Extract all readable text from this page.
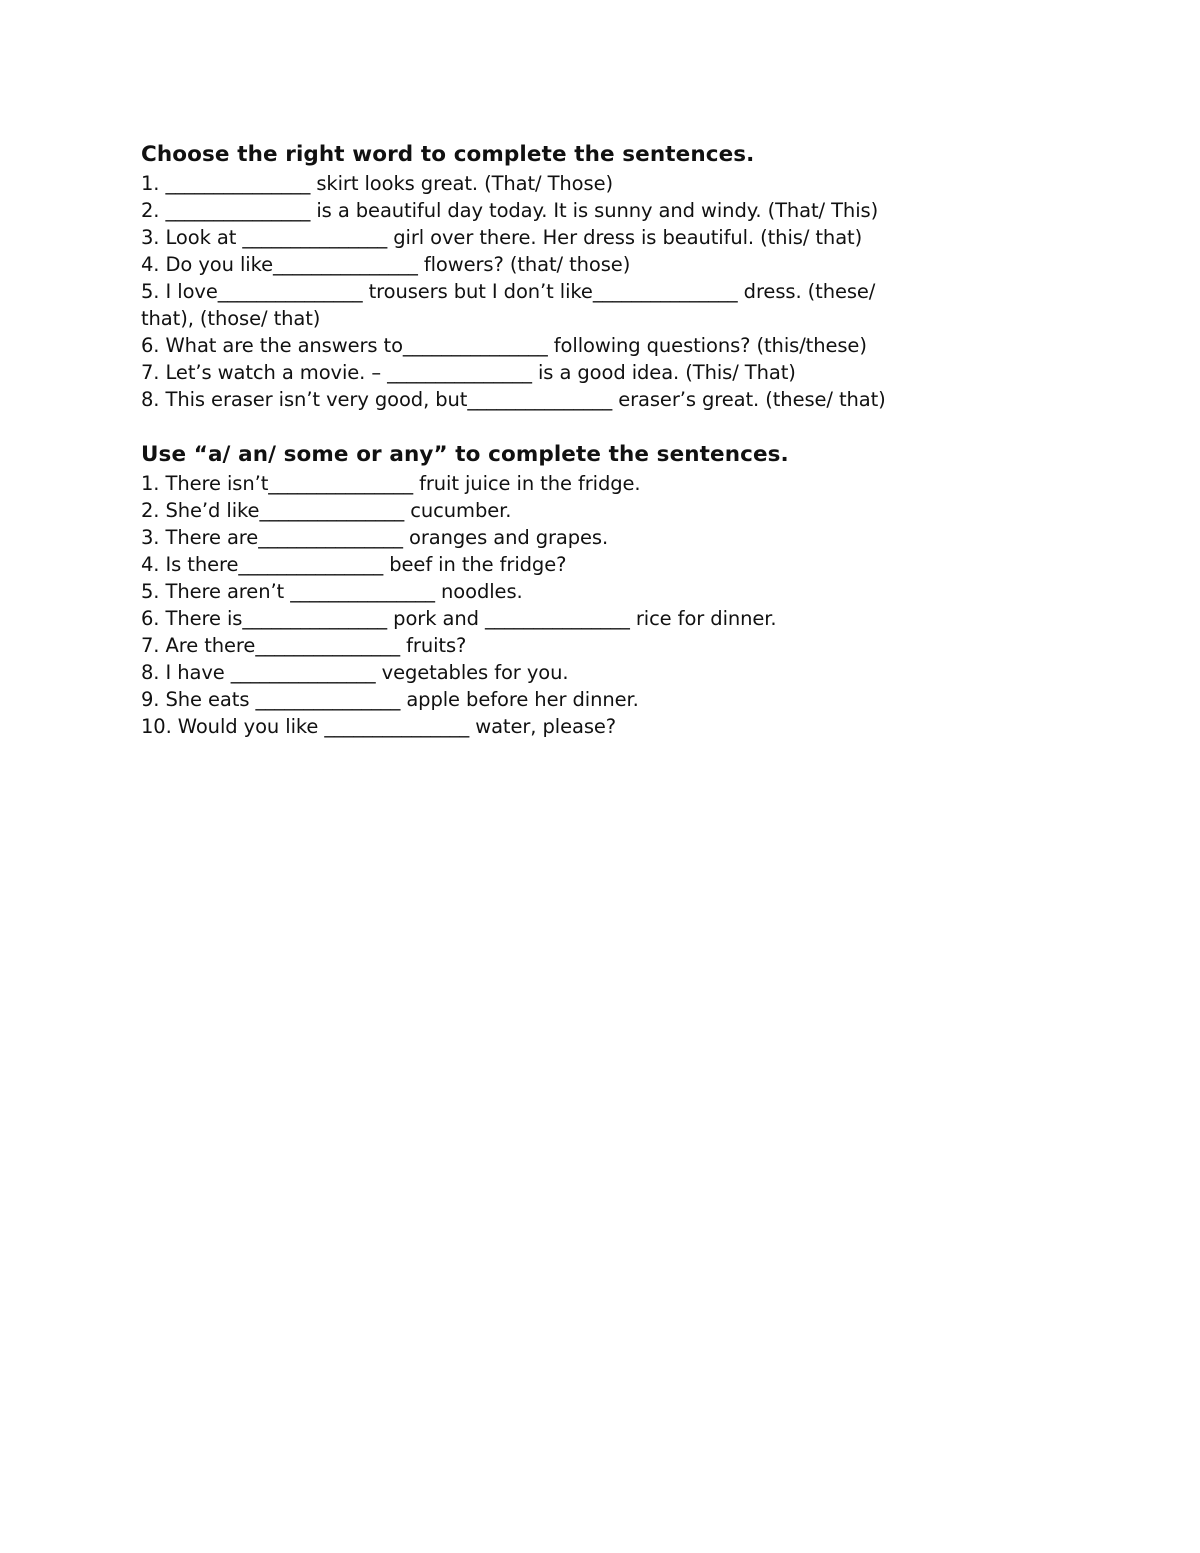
Choose the right word to complete the sentences.

1. _______________ skirt looks great. (That/ Those)

2. _______________ is a beautiful day today. It is sunny and windy. (That/ This)

3. Look at _______________ girl over there. Her dress is beautiful. (this/ that)

4. Do you like_______________ flowers? (that/ those)

5. I love_______________ trousers but I don’t like_______________ dress. (these/

that), (those/ that)

6. What are the answers to_______________ following questions? (this/these)

7. Let’s watch a movie. – _______________ is a good idea. (This/ That)

8. This eraser isn’t very good, but_______________ eraser’s great. (these/ that)

Use “a/ an/ some or any” to complete the sentences.

1. There isn’t_______________ fruit juice in the fridge.

2. She’d like_______________ cucumber.

3. There are_______________ oranges and grapes.

4. Is there_______________ beef in the fridge?

5. There aren’t _______________ noodles.

6. There is_______________ pork and _______________ rice for dinner.

7. Are there_______________ fruits?

8. I have _______________ vegetables for you.

9. She eats _______________ apple before her dinner.

10. Would you like _______________ water, please?
